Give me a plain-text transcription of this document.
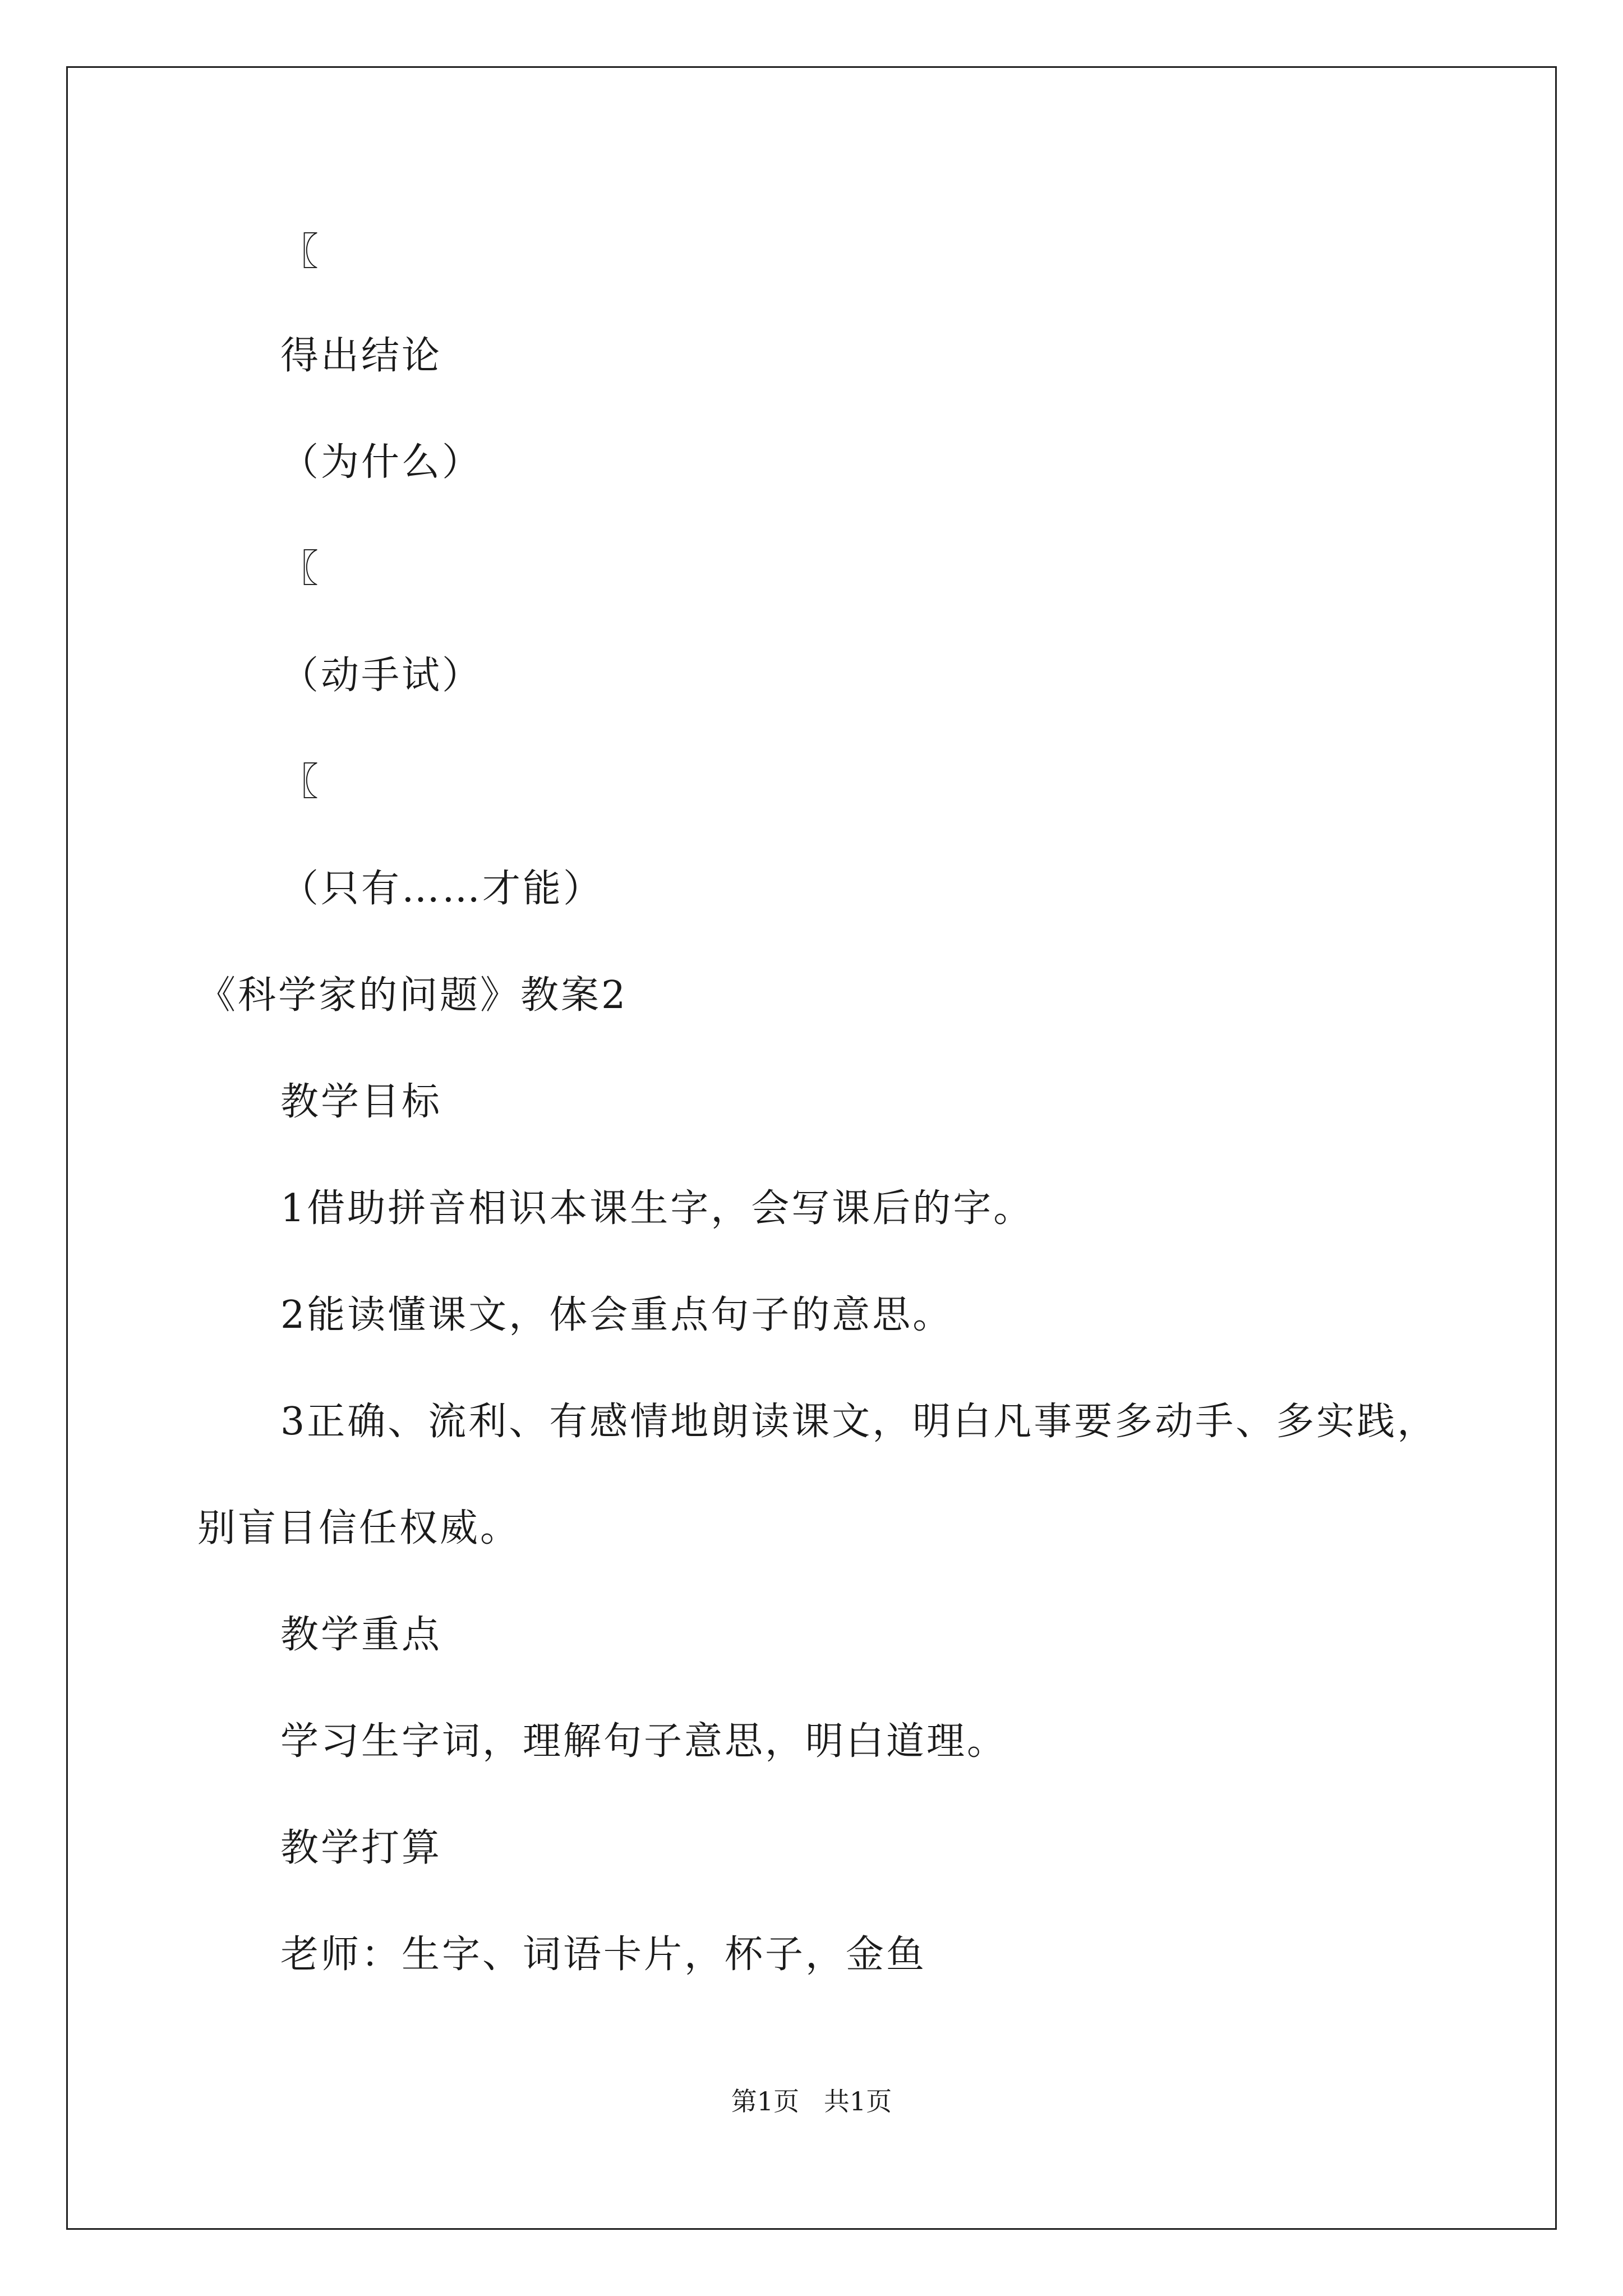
〖
得出结论
（为什么）
〖
（动手试）
〖
（只有……才能）
《科学家的问题》教案2
教学目标
1借助拼音相识本课生字，会写课后的字。
2能读懂课文，体会重点句子的意思。
3正确、流利、有感情地朗读课文，明白凡事要多动手、多实践，
别盲目信任权威。
教学重点
学习生字词，理解句子意思，明白道理。
教学打算
老师：生字、词语卡片，杯子，金鱼
第1页   共1页
